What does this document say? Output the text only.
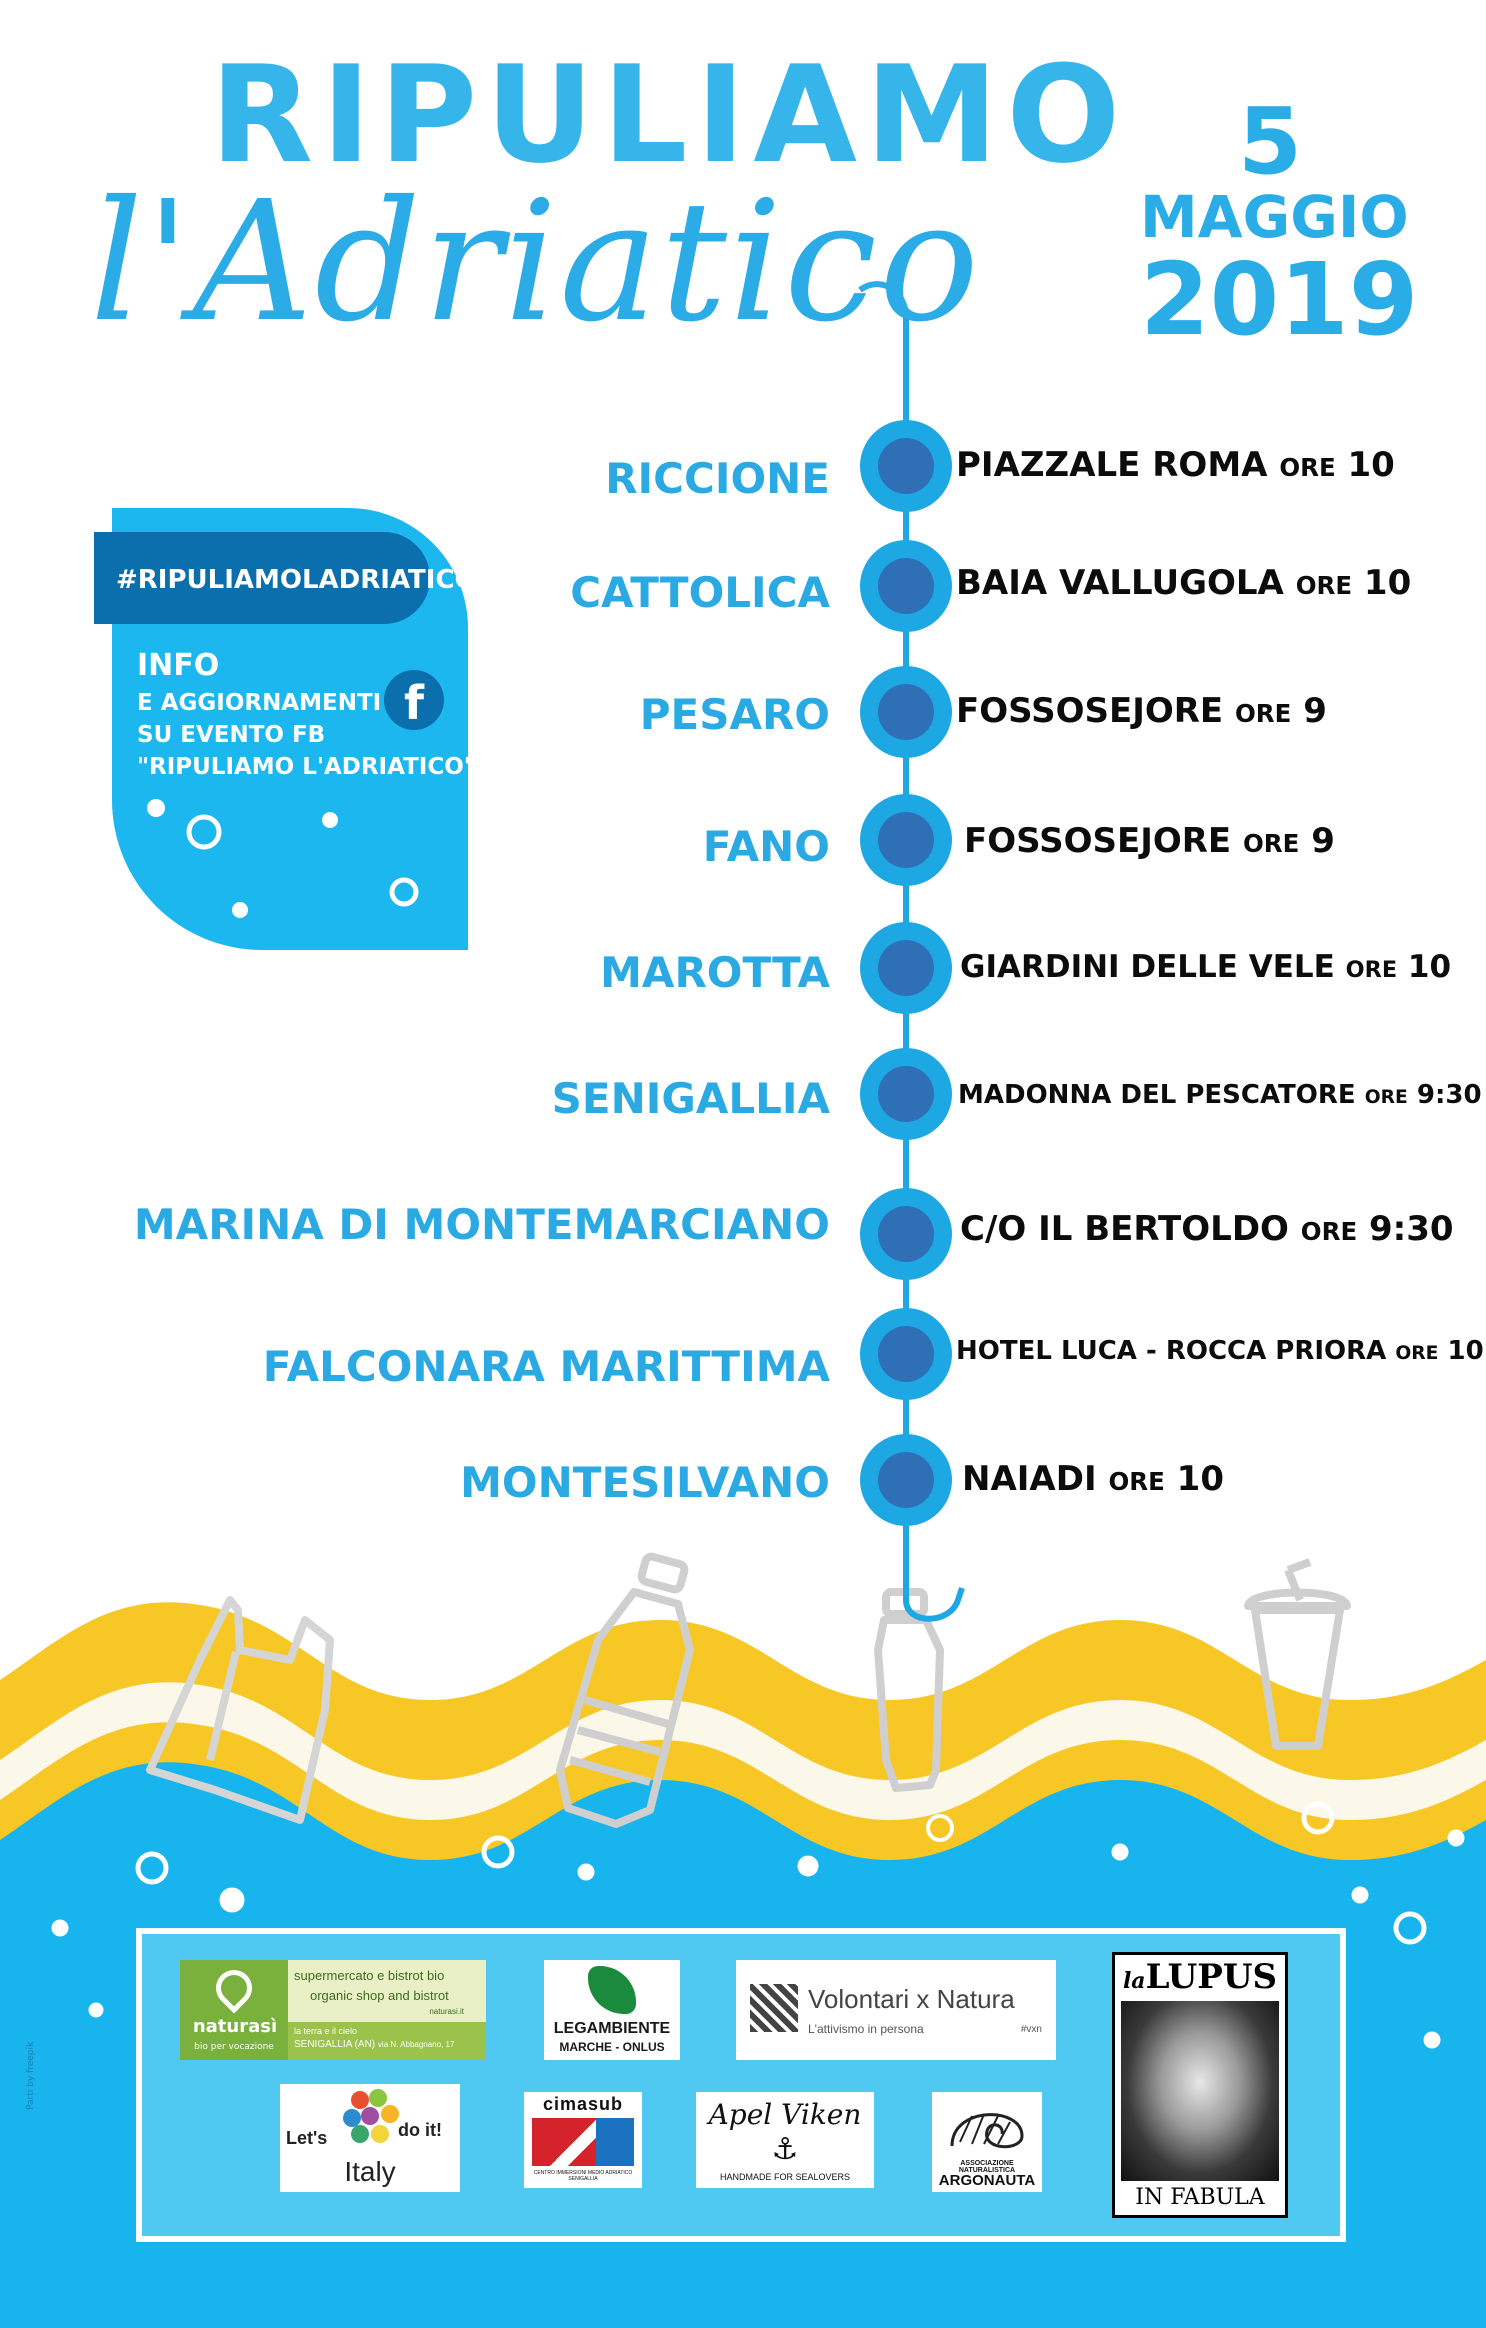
RIPULIAMO
l'Adriatico
5
MAGGIO
2019
RICCIONE	PIAZZALE ROMA ORE 10
CATTOLICA	BAIA VALLUGOLA ORE 10
PESARO	FOSSOSEJORE ORE 9
FANO	FOSSOSEJORE ORE 9
MAROTTA	GIARDINI DELLE VELE ORE 10
SENIGALLIA	MADONNA DEL PESCATORE ORE 9:30
MARINA DI MONTEMARCIANO	C/O IL BERTOLDO ORE 9:30
FALCONARA MARITTIMA	HOTEL LUCA - ROCCA PRIORA ORE 10
MONTESILVANO	NAIADI ORE 10
#RIPULIAMOLADRIATICO
INFO
E AGGIORNAMENTI
SU EVENTO FB
"RIPULIAMO L'ADRIATICO"
f
naturasì
bio per vocazione
supermercato e bistrot bio
organic shop and bistrot
naturasi.it
la terra e il cielo
SENIGALLIA (AN) via N. Abbagnano, 17
LEGAMBIENTE
MARCHE - ONLUS
Volontari x Natura
L'attivismo in persona	#vxn
laLUPUS
IN FABULA
Let's	do it!
Italy
cimasub
CENTRO IMMERSIONI MEDIO ADRIATICO SENIGALLIA
Apel Viken
⚓
HANDMADE FOR SEALOVERS
ASSOCIAZIONE NATURALISTICA
ARGONAUTA
Parti by freepik
